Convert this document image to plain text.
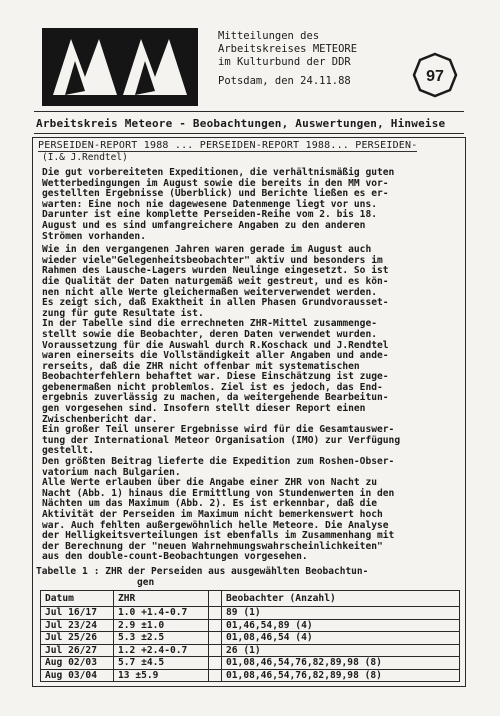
Mitteilungen des
Arbeitskreises METEORE
im Kulturbund der DDR
Potsdam, den 24.11.88	97
Arbeitskreis Meteore - Beobachtungen, Auswertungen, Hinweise
PERSEIDEN-REPORT 1988 ... PERSEIDEN-REPORT 1988... PERSEIDEN-
(I.& J.Rendtel)

Die gut vorbereiteten Expeditionen, die verhältnismäßig guten
Wetterbedingungen im August sowie die bereits in den MM vor-
gestellten Ergebnisse (Überblick) und Berichte ließen es er-
warten: Eine noch nie dagewesene Datenmenge liegt vor uns.
Darunter ist eine komplette Perseiden-Reihe vom 2. bis 18.
August und es sind umfangreichere Angaben zu den anderen
Strömen vorhanden.

Wie in den vergangenen Jahren waren gerade im August auch
wieder viele"Gelegenheitsbeobachter" aktiv und besonders im
Rahmen des Lausche-Lagers wurden Neulinge eingesetzt. So ist
die Qualität der Daten naturgemäß weit gestreut, und es kön-
nen nicht alle Werte gleichermaßen weiterverwendet werden.
Es zeigt sich, daß Exaktheit in allen Phasen Grundvorausset-
zung für gute Resultate ist.
In der Tabelle sind die errechneten ZHR-Mittel zusammenge-
stellt sowie die Beobachter, deren Daten verwendet wurden.
Voraussetzung für die Auswahl durch R.Koschack und J.Rendtel
waren einerseits die Vollständigkeit aller Angaben und ande-
rerseits, daß die ZHR nicht offenbar mit systematischen
Beobachterfehlern behaftet war. Diese Einschätzung ist zuge-
gebenermaßen nicht problemlos. Ziel ist es jedoch, das End-
ergebnis zuverlässig zu machen, da weitergehende Bearbeitun-
gen vorgesehen sind. Insofern stellt dieser Report einen
Zwischenbericht dar.
Ein großer Teil unserer Ergebnisse wird für die Gesamtauswer-
tung der International Meteor Organisation (IMO) zur Verfügung
gestellt.
Den größten Beitrag lieferte die Expedition zum Roshen-Obser-
vatorium nach Bulgarien.
Alle Werte erlauben über die Angabe einer ZHR von Nacht zu
Nacht (Abb. 1) hinaus die Ermittlung von Stundenwerten in den
Nächten um das Maximum (Abb. 2). Es ist erkennbar, daß die
Aktivität der Perseiden im Maximum nicht bemerkenswert hoch
war. Auch fehlten außergewöhnlich helle Meteore. Die Analyse
der Helligkeitsverteilungen ist ebenfalls im Zusammenhang mit
der Berechnung der "neuen Wahrnehmungswahrscheinlichkeiten"
aus den double-count-Beobachtungen vorgesehen.

Tabelle 1 : ZHR der Perseiden aus ausgewählten Beobachtun-
gen
Datum	ZHR		Beobachter (Anzahl)
Jul 16/17	1.0 +1.4-0.7		89 (1)
Jul 23/24	2.9 ±1.0		01,46,54,89 (4)
Jul 25/26	5.3 ±2.5		01,08,46,54 (4)
Jul 26/27	1.2 +2.4-0.7		26 (1)
Aug 02/03	5.7 ±4.5		01,08,46,54,76,82,89,98 (8)
Aug 03/04	13 ±5.9		01,08,46,54,76,82,89,98 (8)
